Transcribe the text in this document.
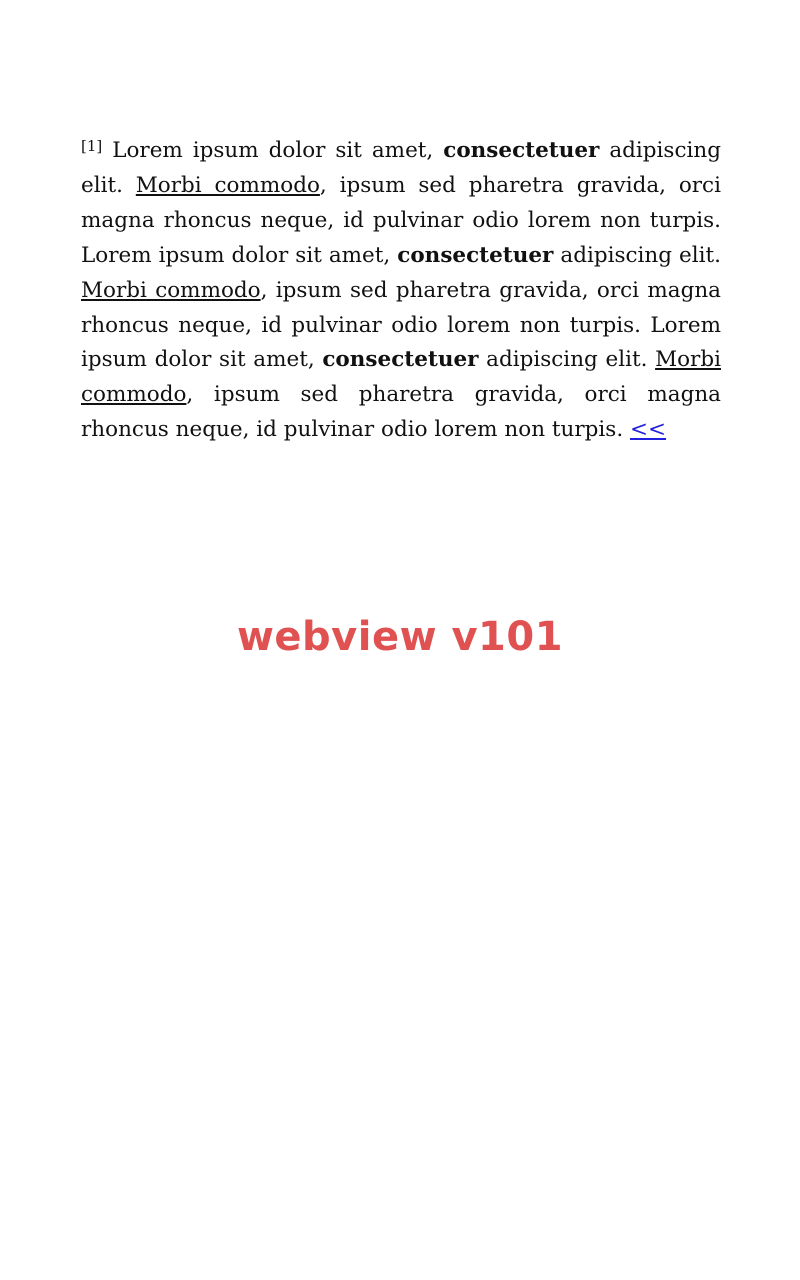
[1] Lorem ipsum dolor sit amet, consectetuer adipiscing elit. Morbi commodo, ipsum sed pharetra gravida, orci magna rhoncus neque, id pulvinar odio lorem non turpis. Lorem ipsum dolor sit amet, consectetuer adipiscing elit. Morbi commodo, ipsum sed pharetra gravida, orci magna rhoncus neque, id pulvinar odio lorem non turpis. Lorem ipsum dolor sit amet, consectetuer adipiscing elit. Morbi commodo, ipsum sed pharetra gravida, orci magna rhoncus neque, id pulvinar odio lorem non turpis. <<

webview v101
